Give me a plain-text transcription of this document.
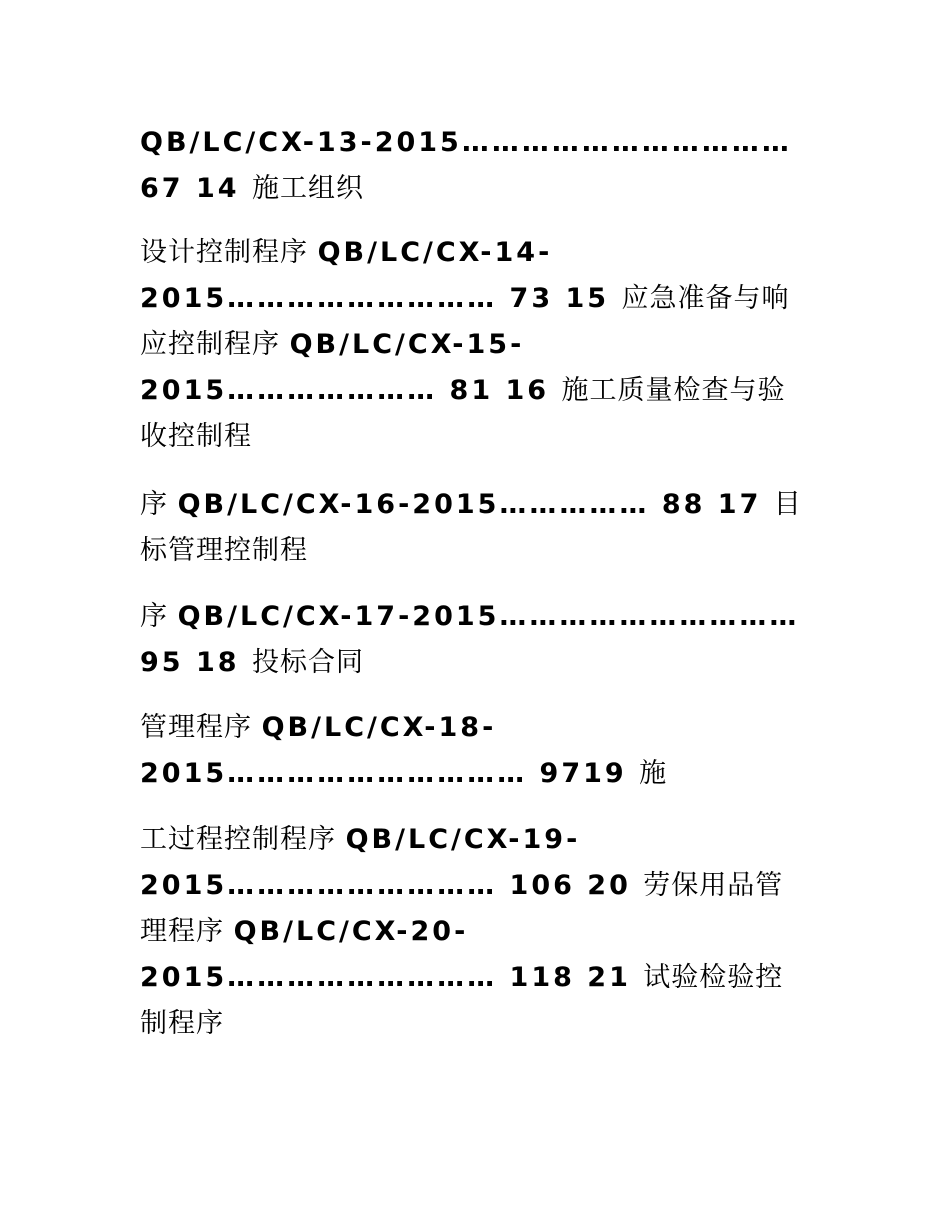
QB/LC/CX-13-2015……………………………
67 14 施工组织
设计控制程序 QB/LC/CX-14-
2015……………………… 73 15 应急准备与响
应控制程序 QB/LC/CX-15-
2015………………… 81 16 施工质量检查与验
收控制程
序 QB/LC/CX-16-2015…………… 88 17 目
标管理控制程
序 QB/LC/CX-17-2015…………………………
95 18 投标合同
管理程序 QB/LC/CX-18-
2015………………………… 9719 施
工过程控制程序 QB/LC/CX-19-
2015……………………… 106 20 劳保用品管
理程序 QB/LC/CX-20-
2015……………………… 118 21 试验检验控
制程序
